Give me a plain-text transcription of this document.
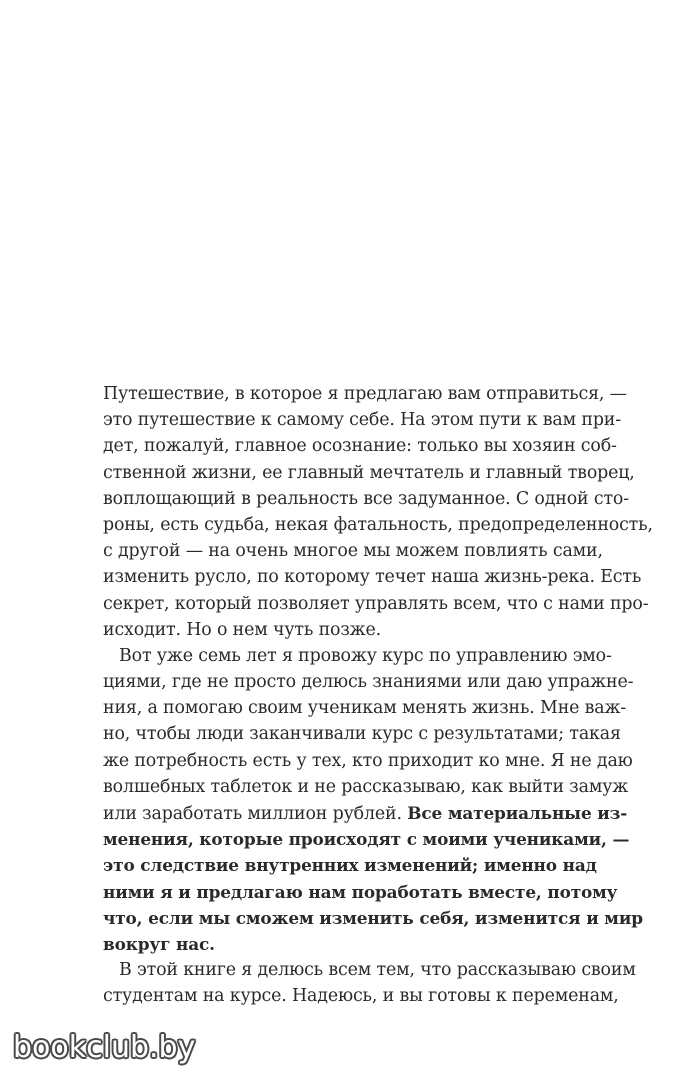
Путешествие, в которое я предлагаю вам отправиться, —
это путешествие к самому себе. На этом пути к вам при-
дет, пожалуй, главное осознание: только вы хозяин соб-
ственной жизни, ее главный мечтатель и главный творец,
воплощающий в реальность все задуманное. С одной сто-
роны, есть судьба, некая фатальность, предопределенность,
с другой — на очень многое мы можем повлиять сами,
изменить русло, по которому течет наша жизнь-река. Есть
секрет, который позволяет управлять всем, что с нами про-
исходит. Но о нем чуть позже.
Вот уже семь лет я провожу курс по управлению эмо-
циями, где не просто делюсь знаниями или даю упражне-
ния, а помогаю своим ученикам менять жизнь. Мне важ-
но, чтобы люди заканчивали курс с результатами; такая
же потребность есть у тех, кто приходит ко мне. Я не даю
волшебных таблеток и не рассказываю, как выйти замуж
или заработать миллион рублей. Все материальные из-
менения, которые происходят с моими учениками, —
это следствие внутренних изменений; именно над
ними я и предлагаю нам поработать вместе, потому
что, если мы сможем изменить себя, изменится и мир
вокруг нас.
В этой книге я делюсь всем тем, что рассказываю своим
студентам на курсе. Надеюсь, и вы готовы к переменам,
bookclub.by
